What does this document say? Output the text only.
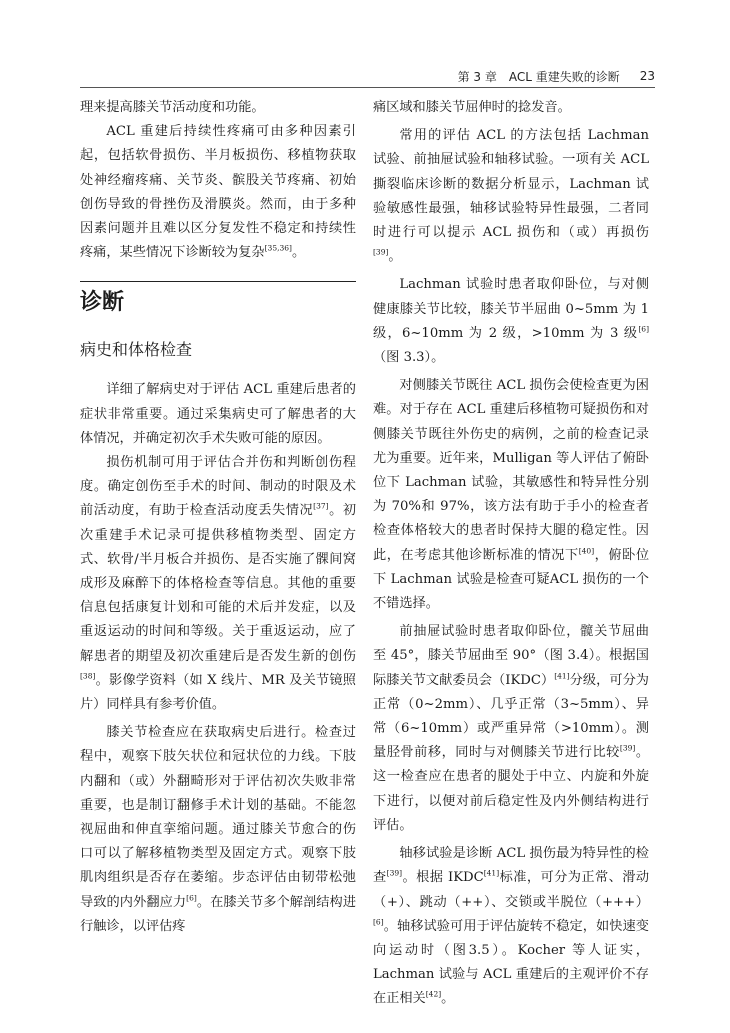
第 3 章 ACL 重建失败的诊断 23

理来提高膝关节活动度和功能。

ACL 重建后持续性疼痛可由多种因素引起，包括软骨损伤、半月板损伤、移植物获取处神经瘤疼痛、关节炎、髌股关节疼痛、初始创伤导致的骨挫伤及滑膜炎。然而，由于多种因素问题并且难以区分复发性不稳定和持续性疼痛，某些情况下诊断较为复杂[35,36]。

诊断
病史和体格检查

详细了解病史对于评估 ACL 重建后患者的症状非常重要。通过采集病史可了解患者的大体情况，并确定初次手术失败可能的原因。

损伤机制可用于评估合并伤和判断创伤程度。确定创伤至手术的时间、制动的时限及术前活动度，有助于检查活动度丢失情况[37]。初次重建手术记录可提供移植物类型、固定方式、软骨/半月板合并损伤、是否实施了髁间窝成形及麻醉下的体格检查等信息。其他的重要信息包括康复计划和可能的术后并发症，以及重返运动的时间和等级。关于重返运动，应了解患者的期望及初次重建后是否发生新的创伤[38]。影像学资料（如 X 线片、MR 及关节镜照片）同样具有参考价值。

膝关节检查应在获取病史后进行。检查过程中，观察下肢矢状位和冠状位的力线。下肢内翻和（或）外翻畸形对于评估初次失败非常重要，也是制订翻修手术计划的基础。不能忽视屈曲和伸直挛缩问题。通过膝关节愈合的伤口可以了解移植物类型及固定方式。观察下肢肌肉组织是否存在萎缩。步态评估由韧带松弛导致的内外翻应力[6]。在膝关节多个解剖结构进行触诊，以评估疼

痛区域和膝关节屈伸时的捻发音。

常用的评估 ACL 的方法包括 Lachman 试验、前抽屉试验和轴移试验。一项有关 ACL 撕裂临床诊断的数据分析显示，Lachman 试验敏感性最强，轴移试验特异性最强，二者同时进行可以提示 ACL 损伤和（或）再损伤[39]。

Lachman 试验时患者取仰卧位，与对侧健康膝关节比较，膝关节半屈曲 0~5mm 为 1 级，6~10mm 为 2 级，>10mm 为 3 级[6]（图 3.3）。

对侧膝关节既往 ACL 损伤会使检查更为困难。对于存在 ACL 重建后移植物可疑损伤和对侧膝关节既往外伤史的病例，之前的检查记录尤为重要。近年来，Mulligan 等人评估了俯卧位下 Lachman 试验，其敏感性和特异性分别为 70%和 97%，该方法有助于手小的检查者检查体格较大的患者时保持大腿的稳定性。因此，在考虑其他诊断标准的情况下[40]，俯卧位下 Lachman 试验是检查可疑ACL 损伤的一个不错选择。

前抽屉试验时患者取仰卧位，髋关节屈曲至 45°，膝关节屈曲至 90°（图 3.4）。根据国际膝关节文献委员会（IKDC）[41]分级，可分为正常（0~2mm）、几乎正常（3~5mm）、异常（6~10mm）或严重异常（>10mm）。测量胫骨前移，同时与对侧膝关节进行比较[39]。这一检查应在患者的腿处于中立、内旋和外旋下进行，以便对前后稳定性及内外侧结构进行评估。

轴移试验是诊断 ACL 损伤最为特异性的检查[39]。根据 IKDC[41]标准，可分为正常、滑动（+）、跳动（++）、交锁或半脱位（+++）[6]。轴移试验可用于评估旋转不稳定，如快速变向运动时（图3.5）。Kocher 等人证实，Lachman 试验与 ACL 重建后的主观评价不存在正相关[42]。
